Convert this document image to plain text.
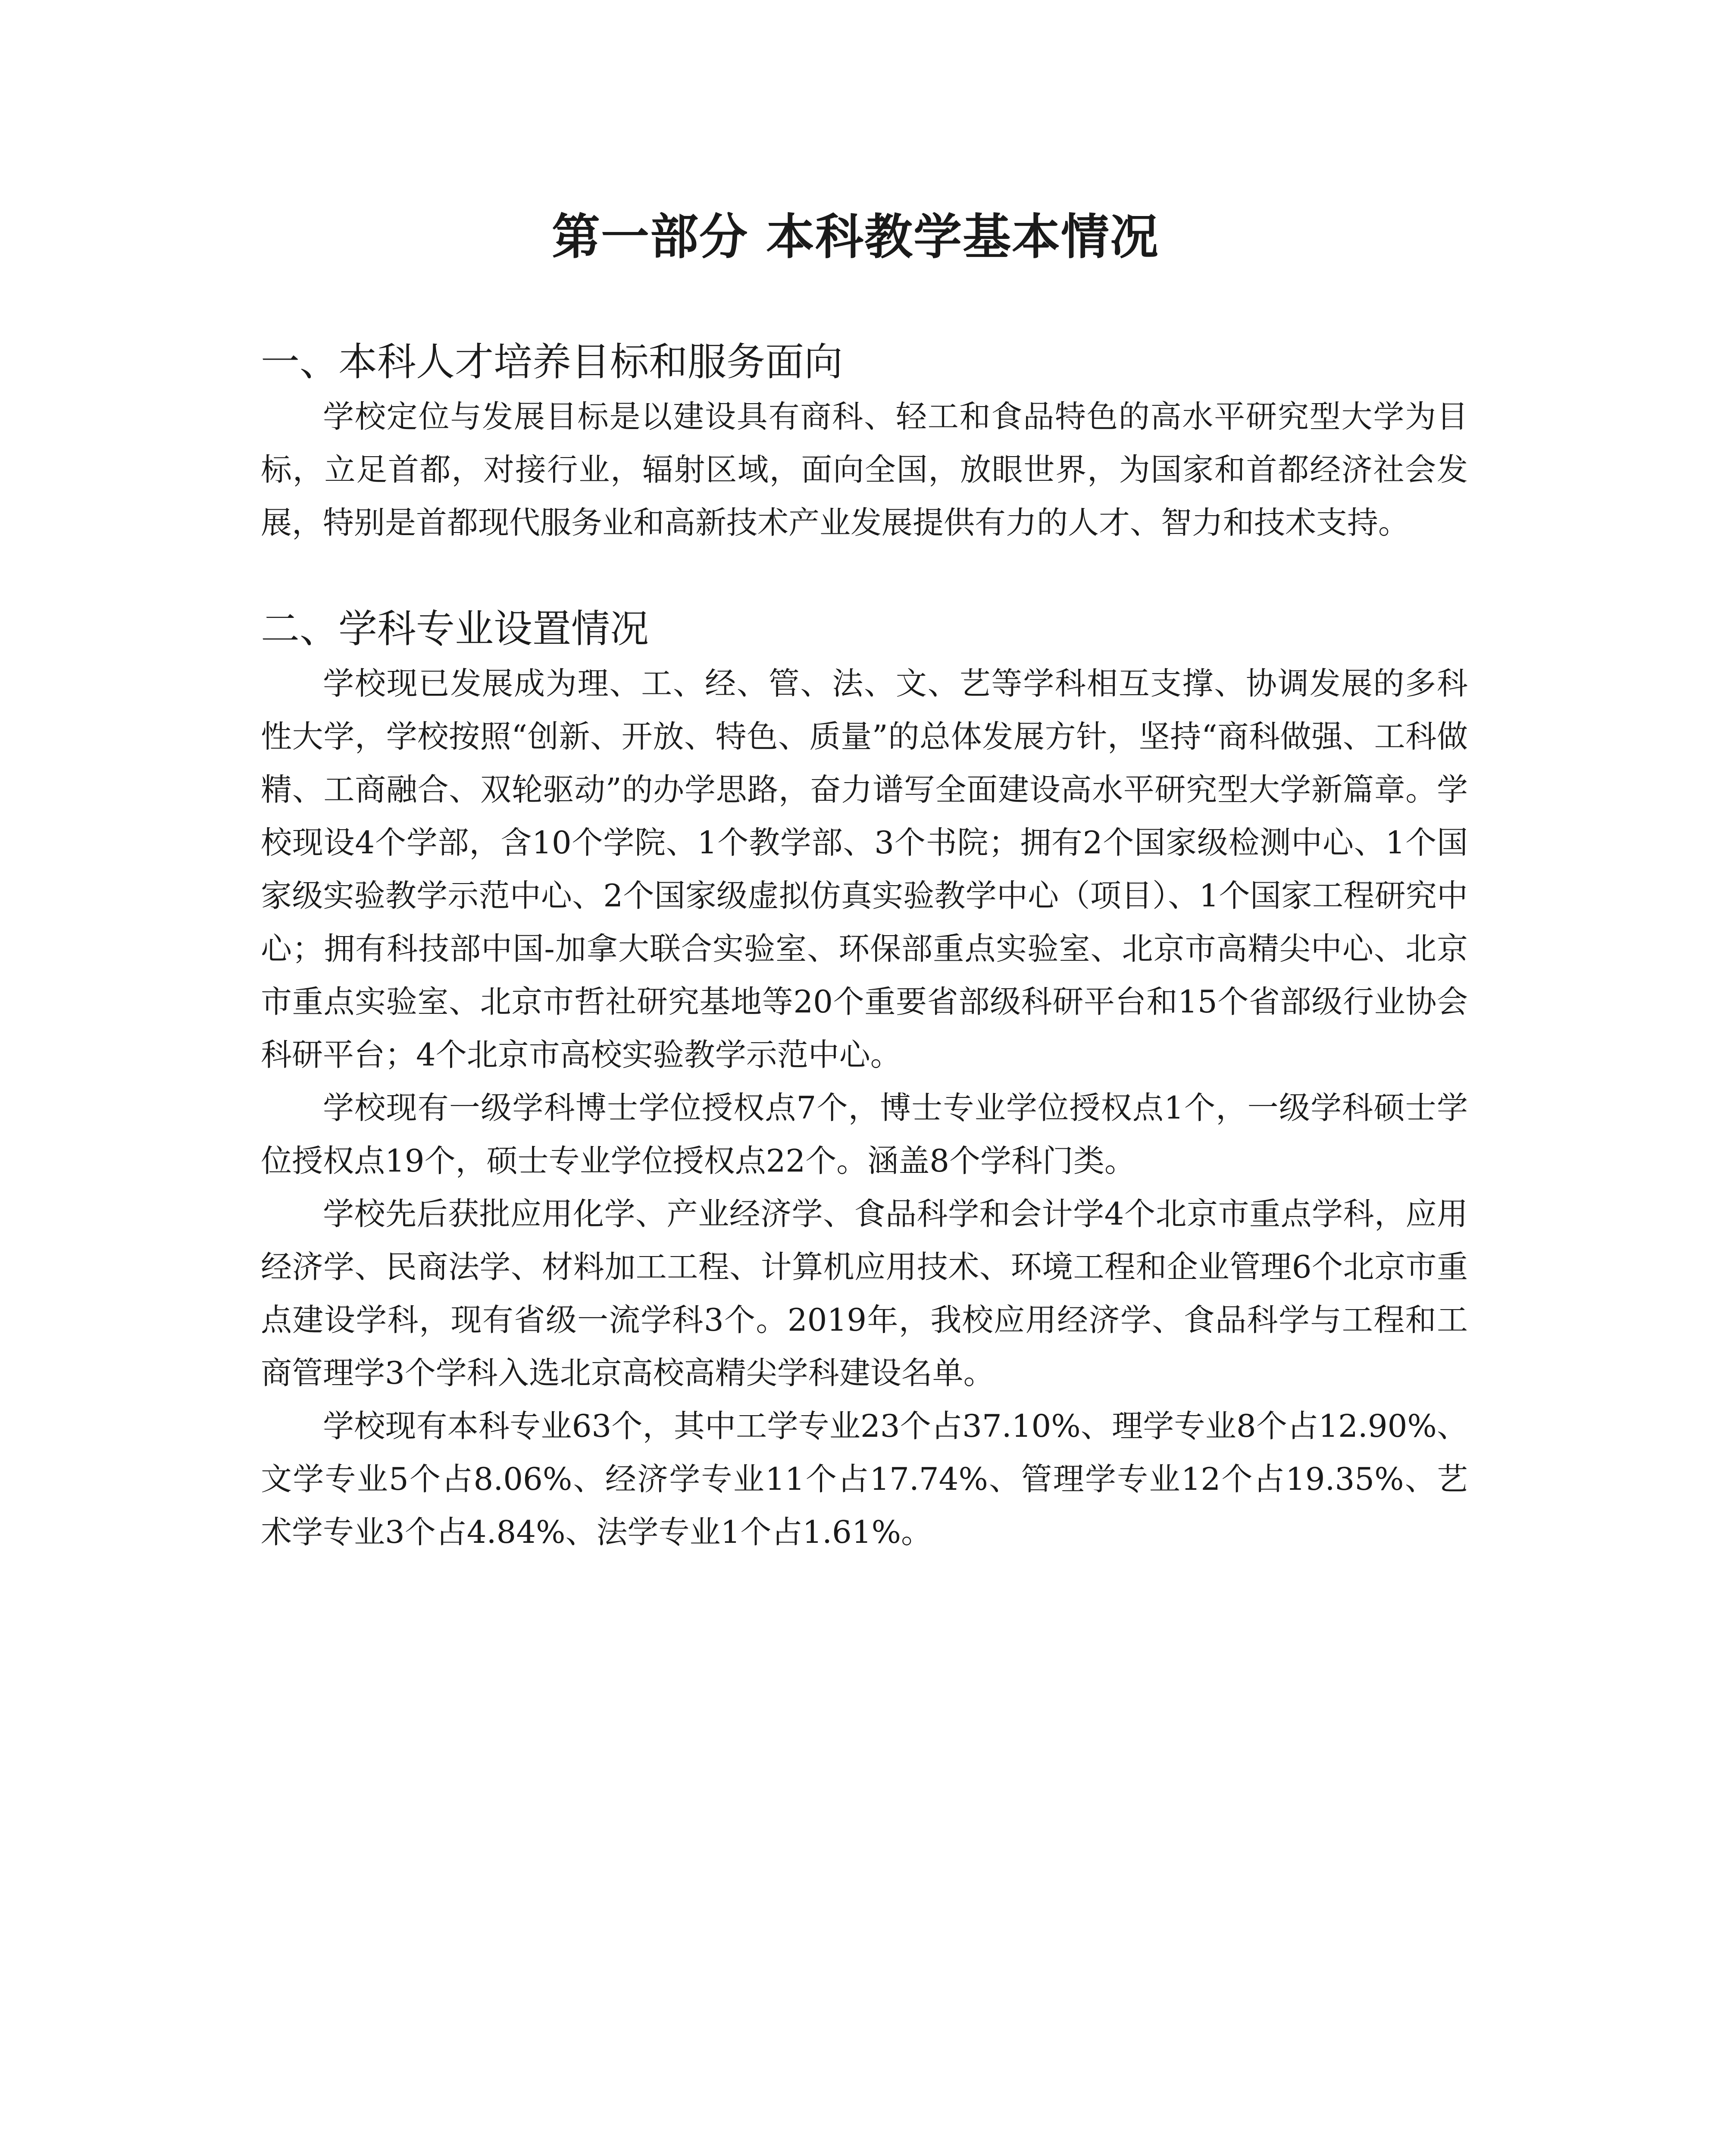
第一部分 本科教学基本情况
一、本科人才培养目标和服务面向

学校定位与发展目标是以建设具有商科、轻工和食品特色的高水平研究型大学为目标，立足首都，对接行业，辐射区域，面向全国，放眼世界，为国家和首都经济社会发展，特别是首都现代服务业和高新技术产业发展提供有力的人才、智力和技术支持。

二、学科专业设置情况

学校现已发展成为理、工、经、管、法、文、艺等学科相互支撑、协调发展的多科性大学，学校按照“创新、开放、特色、质量”的总体发展方针，坚持“商科做强、工科做精、工商融合、双轮驱动”的办学思路，奋力谱写全面建设高水平研究型大学新篇章。学校现设4个学部，含10个学院、1个教学部、3个书院；拥有2个国家级检测中心、1个国家级实验教学示范中心、2个国家级虚拟仿真实验教学中心（项目）、1个国家工程研究中心；拥有科技部中国-加拿大联合实验室、环保部重点实验室、北京市高精尖中心、北京市重点实验室、北京市哲社研究基地等20个重要省部级科研平台和15个省部级行业协会科研平台；4个北京市高校实验教学示范中心。

学校现有一级学科博士学位授权点7个，博士专业学位授权点1个，一级学科硕士学位授权点19个，硕士专业学位授权点22个。涵盖8个学科门类。

学校先后获批应用化学、产业经济学、食品科学和会计学4个北京市重点学科，应用经济学、民商法学、材料加工工程、计算机应用技术、环境工程和企业管理6个北京市重点建设学科，现有省级一流学科3个。2019年，我校应用经济学、食品科学与工程和工商管理学3个学科入选北京高校高精尖学科建设名单。

学校现有本科专业63个，其中工学专业23个占37.10%、理学专业8个占12.90%、文学专业5个占8.06%、经济学专业11个占17.74%、管理学专业12个占19.35%、艺术学专业3个占4.84%、法学专业1个占1.61%。
